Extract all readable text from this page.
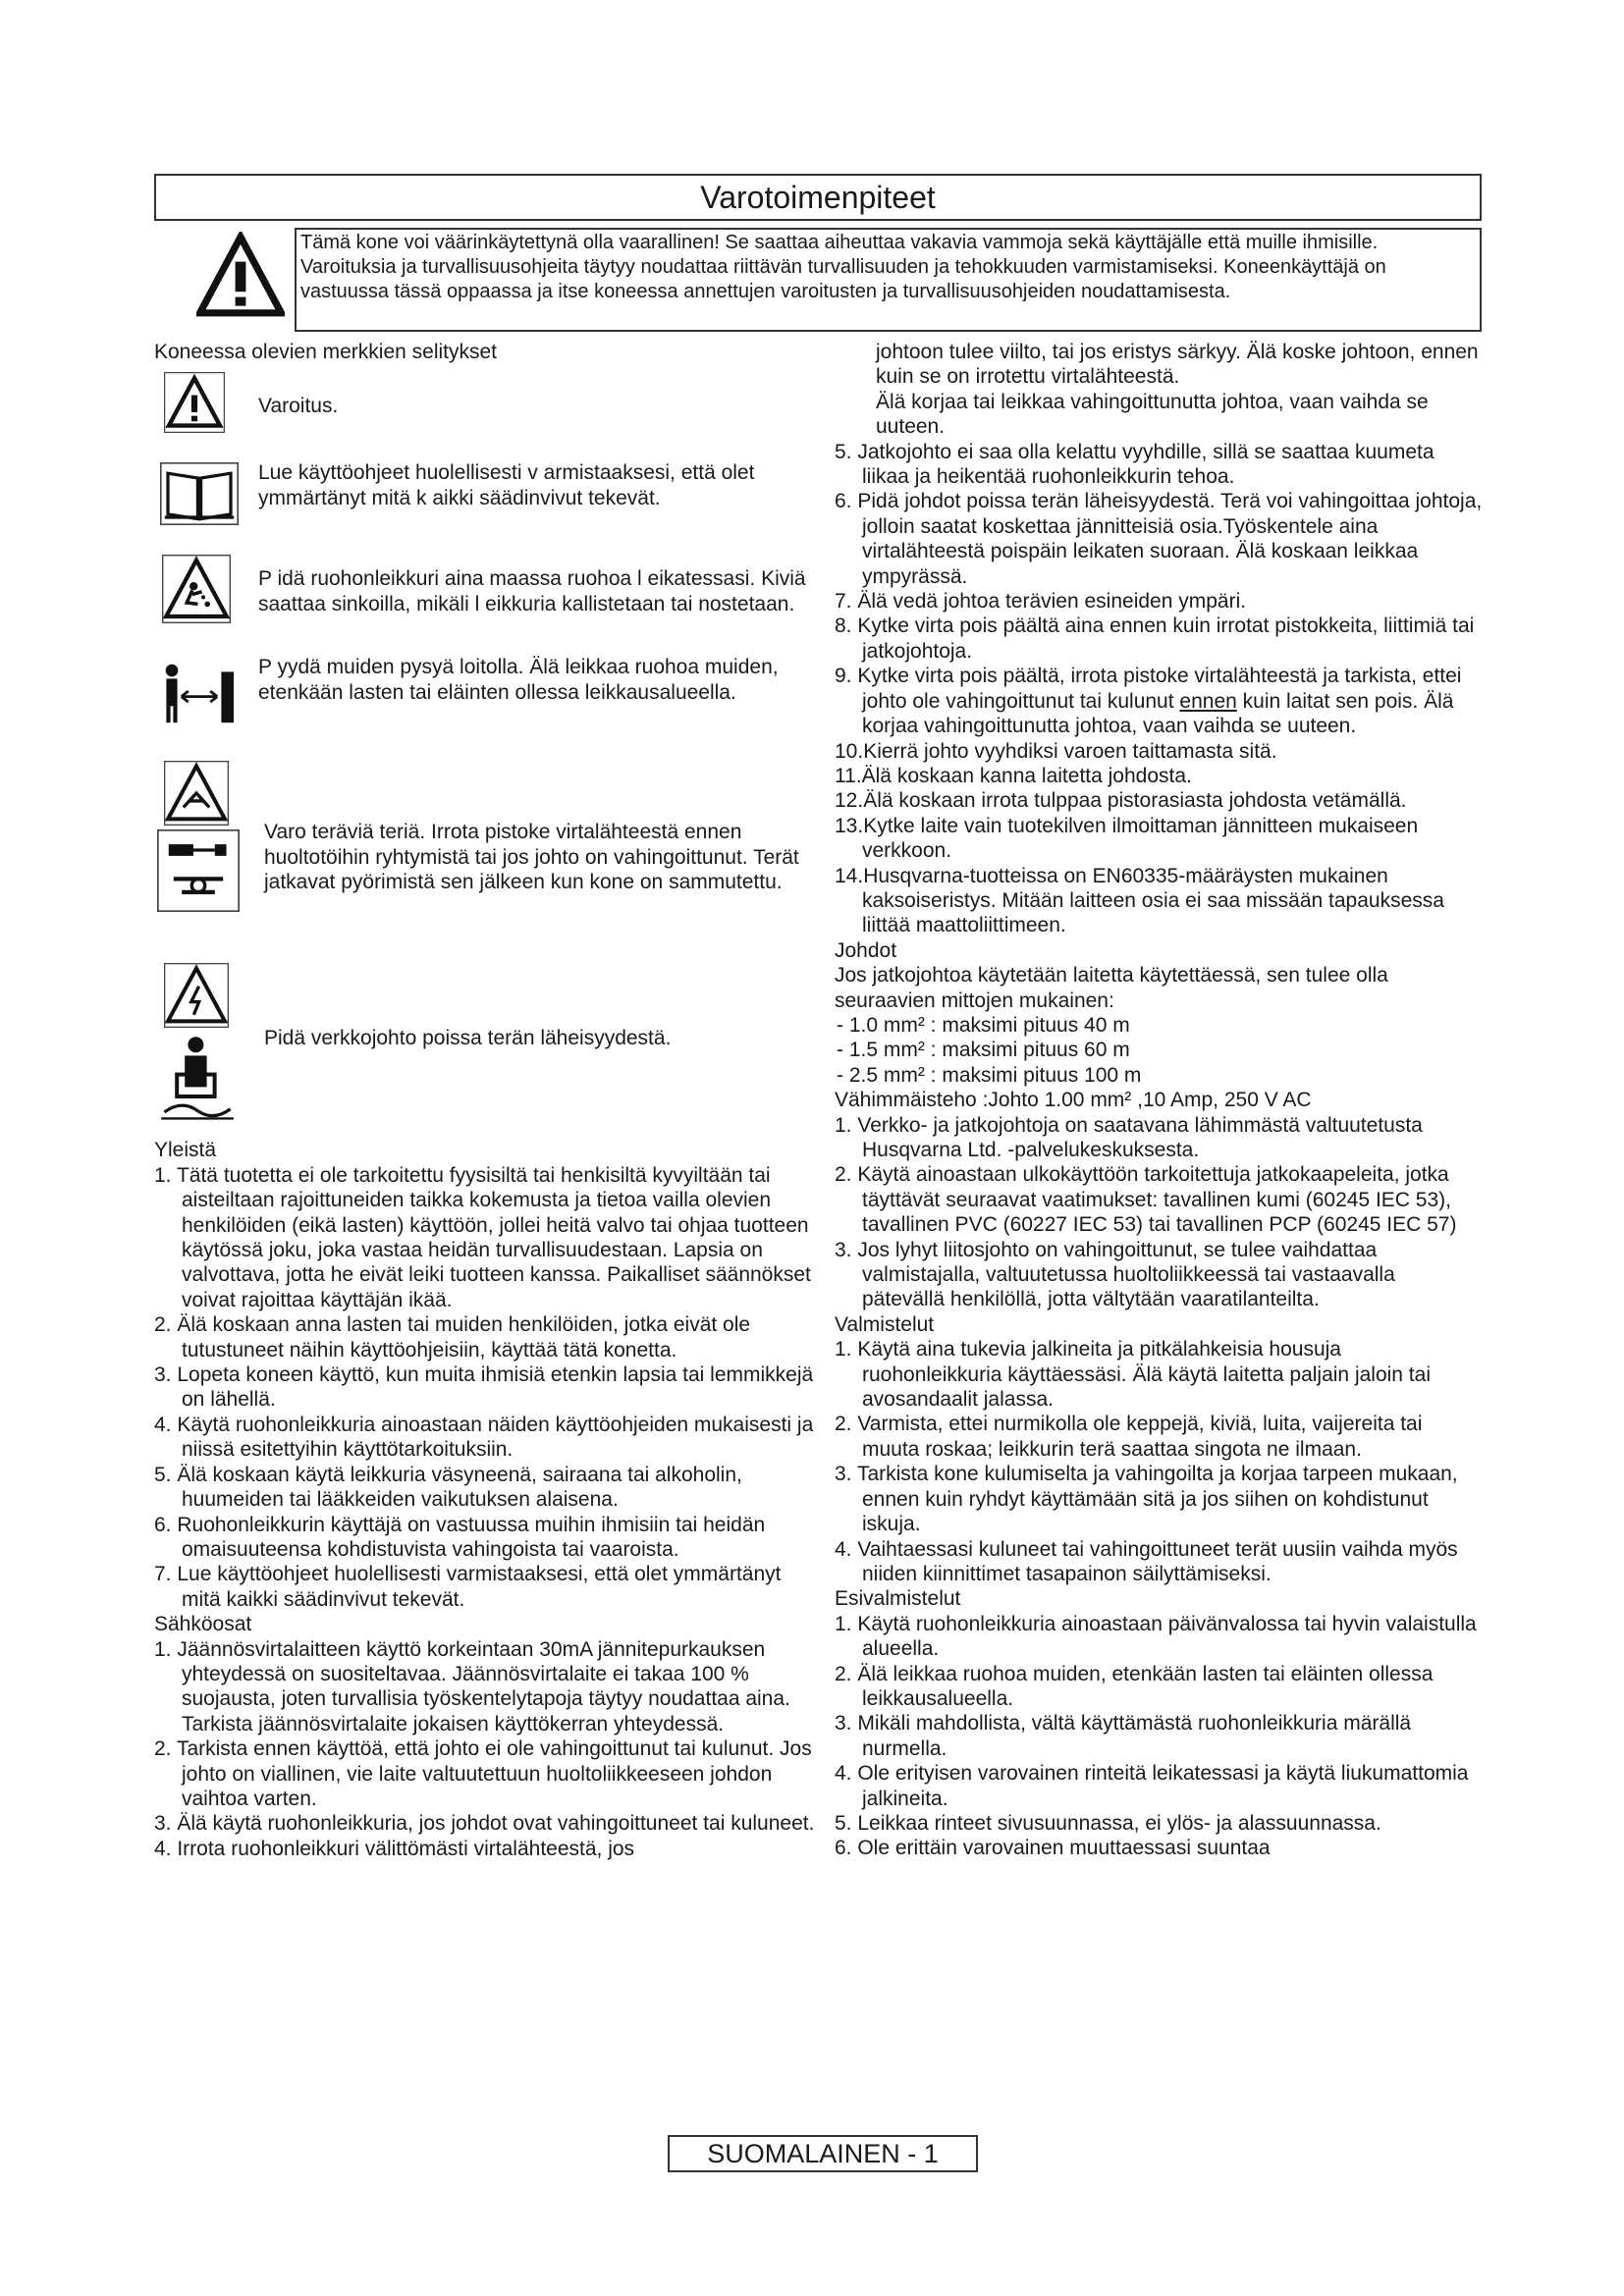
Varotoimenpiteet
Tämä kone voi väärinkäytettynä olla vaarallinen! Se saattaa aiheuttaa vakavia vammoja sekä käyttäjälle että muille ihmisille. Varoituksia ja turvallisuusohjeita täytyy noudattaa riittävän turvallisuuden ja tehokkuuden varmistamiseksi. Koneenkäyttäjä on vastuussa tässä oppaassa ja itse koneessa annettujen varoitusten ja turvallisuusohjeiden noudattamisesta.

Koneessa olevien merkkien selitykset

Varoitus.
Lue käyttöohjeet huolellisesti v armistaaksesi, että olet ymmärtänyt mitä k aikki säädinvivut tekevät.
P idä ruohonleikkuri aina maassa ruohoa l eikatessasi. Kiviä saattaa sinkoilla, mikäli l eikkuria kallistetaan tai nostetaan.
P yydä muiden pysyä loitolla. Älä leikkaa ruohoa muiden, etenkään lasten tai eläinten ollessa leikkausalueella.
Varo teräviä teriä. Irrota pistoke virtalähteestä ennen huoltotöihin ryhtymistä tai jos johto on vahingoittunut. Terät jatkavat pyörimistä sen jälkeen kun kone on sammutettu.
Pidä verkkojohto poissa terän läheisyydestä.

Yleistä

1. Tätä tuotetta ei ole tarkoitettu fyysisiltä tai henkisiltä kyvyiltään tai aisteiltaan rajoittuneiden taikka kokemusta ja tietoa vailla olevien henkilöiden (eikä lasten) käyttöön, jollei heitä valvo tai ohjaa tuotteen käytössä joku, joka vastaa heidän turvallisuudestaan. Lapsia on valvottava, jotta he eivät leiki tuotteen kanssa. Paikalliset säännökset voivat rajoittaa käyttäjän ikää.

2. Älä koskaan anna lasten tai muiden henkilöiden, jotka eivät ole tutustuneet näihin käyttöohjeisiin, käyttää tätä konetta.

3. Lopeta koneen käyttö, kun muita ihmisiä etenkin lapsia tai lemmikkejä on lähellä.

4. Käytä ruohonleikkuria ainoastaan näiden käyttöohjeiden mukaisesti ja niissä esitettyihin käyttötarkoituksiin.

5. Älä koskaan käytä leikkuria väsyneenä, sairaana tai alkoholin, huumeiden tai lääkkeiden vaikutuksen alaisena.

6. Ruohonleikkurin käyttäjä on vastuussa muihin ihmisiin tai heidän omaisuuteensa kohdistuvista vahingoista tai vaaroista.

7. Lue käyttöohjeet huolellisesti varmistaaksesi, että olet ymmärtänyt mitä kaikki säädinvivut tekevät.

Sähköosat

1. Jäännösvirtalaitteen käyttö korkeintaan 30mA jännitepurkauksen yhteydessä on suositeltavaa. Jäännösvirtalaite ei takaa 100 % suojausta, joten turvallisia työskentelytapoja täytyy noudattaa aina. Tarkista jäännösvirtalaite jokaisen käyttökerran yhteydessä.

2. Tarkista ennen käyttöä, että johto ei ole vahingoittunut tai kulunut. Jos johto on viallinen, vie laite valtuutettuun huoltoliikkeeseen johdon vaihtoa varten.

3. Älä käytä ruohonleikkuria, jos johdot ovat vahingoittuneet tai kuluneet.

4. Irrota ruohonleikkuri välittömästi virtalähteestä, jos

johtoon tulee viilto, tai jos eristys särkyy. Älä koske johtoon, ennen kuin se on irrotettu virtalähteestä.

Älä korjaa tai leikkaa vahingoittunutta johtoa, vaan vaihda se uuteen.

5. Jatkojohto ei saa olla kelattu vyyhdille, sillä se saattaa kuumeta liikaa ja heikentää ruohonleikkurin tehoa.

6. Pidä johdot poissa terän läheisyydestä. Terä voi vahingoittaa johtoja, jolloin saatat koskettaa jännitteisiä osia.Työskentele aina virtalähteestä poispäin leikaten suoraan. Älä koskaan leikkaa ympyrässä.

7. Älä vedä johtoa terävien esineiden ympäri.

8. Kytke virta pois päältä aina ennen kuin irrotat pistokkeita, liittimiä tai jatkojohtoja.

9. Kytke virta pois päältä, irrota pistoke virtalähteestä ja tarkista, ettei johto ole vahingoittunut tai kulunut ennen kuin laitat sen pois. Älä korjaa vahingoittunutta johtoa, vaan vaihda se uuteen.

10.Kierrä johto vyyhdiksi varoen taittamasta sitä.

11.Älä koskaan kanna laitetta johdosta.

12.Älä koskaan irrota tulppaa pistorasiasta johdosta vetämällä.

13.Kytke laite vain tuotekilven ilmoittaman jännitteen mukaiseen verkkoon.

14.Husqvarna-tuotteissa on EN60335-määräysten mukainen kaksoiseristys. Mitään laitteen osia ei saa missään tapauksessa liittää maattoliittimeen.

Johdot

Jos jatkojohtoa käytetään laitetta käytettäessä, sen tulee olla seuraavien mittojen mukainen:

- 1.0 mm² : maksimi pituus 40 m

- 1.5 mm² : maksimi pituus 60 m

- 2.5 mm² : maksimi pituus 100 m

Vähimmäisteho :Johto 1.00 mm² ,10 Amp, 250 V AC

1. Verkko- ja jatkojohtoja on saatavana lähimmästä valtuutetusta Husqvarna Ltd. -palvelukeskuksesta.

2. Käytä ainoastaan ulkokäyttöön tarkoitettuja jatkokaapeleita, jotka täyttävät seuraavat vaatimukset: tavallinen kumi (60245 IEC 53), tavallinen PVC (60227 IEC 53) tai tavallinen PCP (60245 IEC 57)

3. Jos lyhyt liitosjohto on vahingoittunut, se tulee vaihdattaa valmistajalla, valtuutetussa huoltoliikkeessä tai vastaavalla pätevällä henkilöllä, jotta vältytään vaaratilanteilta.

Valmistelut

1. Käytä aina tukevia jalkineita ja pitkälahkeisia housuja ruohonleikkuria käyttäessäsi. Älä käytä laitetta paljain jaloin tai avosandaalit jalassa.

2. Varmista, ettei nurmikolla ole keppejä, kiviä, luita, vaijereita tai muuta roskaa; leikkurin terä saattaa singota ne ilmaan.

3. Tarkista kone kulumiselta ja vahingoilta ja korjaa tarpeen mukaan, ennen kuin ryhdyt käyttämään sitä ja jos siihen on kohdistunut iskuja.

4. Vaihtaessasi kuluneet tai vahingoittuneet terät uusiin vaihda myös niiden kiinnittimet tasapainon säilyttämiseksi.

Esivalmistelut

1. Käytä ruohonleikkuria ainoastaan päivänvalossa tai hyvin valaistulla alueella.

2. Älä leikkaa ruohoa muiden, etenkään lasten tai eläinten ollessa leikkausalueella.

3. Mikäli mahdollista, vältä käyttämästä ruohonleikkuria märällä nurmella.

4. Ole erityisen varovainen rinteitä leikatessasi ja käytä liukumattomia jalkineita.

5. Leikkaa rinteet sivusuunnassa, ei ylös- ja alassuunnassa.

6. Ole erittäin varovainen muuttaessasi suuntaa

SUOMALAINEN - 1
